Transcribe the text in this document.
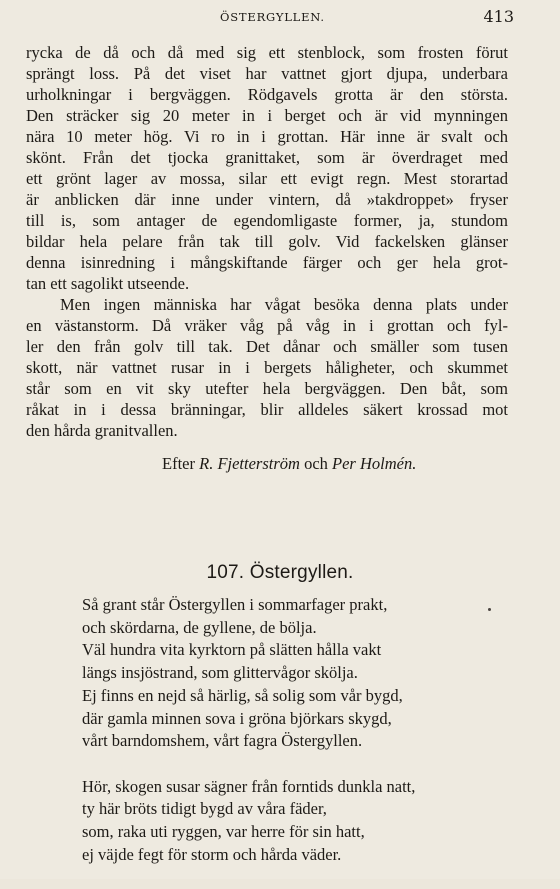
ÖSTERGYLLEN.	413
rycka de då och då med sig ett stenblock, som frosten förut
sprängt loss. På det viset har vattnet gjort djupa, underbara
urholkningar i bergväggen. Rödgavels grotta är den största.
Den sträcker sig 20 meter in i berget och är vid mynningen
nära 10 meter hög. Vi ro in i grottan. Här inne är svalt och
skönt. Från det tjocka granittaket, som är överdraget med
ett grönt lager av mossa, silar ett evigt regn. Mest storartad
är anblicken där inne under vintern, då »takdroppet» fryser
till is, som antager de egendomligaste former, ja, stundom
bildar hela pelare från tak till golv. Vid fackelsken glänser
denna isinredning i mångskiftande färger och ger hela grot-
tan ett sagolikt utseende.
Men ingen människa har vågat besöka denna plats under
en västanstorm. Då vräker våg på våg in i grottan och fyl-
ler den från golv till tak. Det dånar och smäller som tusen
skott, när vattnet rusar in i bergets håligheter, och skummet
står som en vit sky utefter hela bergväggen. Den båt, som
råkat in i dessa bränningar, blir alldeles säkert krossad mot
den hårda granitvallen.
Efter R. Fjetterström och Per Holmén.
107. Östergyllen.
Så grant står Östergyllen i sommarfager prakt,
och skördarna, de gyllene, de bölja.
Väl hundra vita kyrktorn på slätten hålla vakt
längs insjöstrand, som glittervågor skölja.
Ej finns en nejd så härlig, så solig som vår bygd,
där gamla minnen sova i gröna björkars skygd,
vårt barndomshem, vårt fagra Östergyllen.
Hör, skogen susar sägner från forntids dunkla natt,
ty här bröts tidigt bygd av våra fäder,
som, raka uti ryggen, var herre för sin hatt,
ej väjde fegt för storm och hårda väder.
